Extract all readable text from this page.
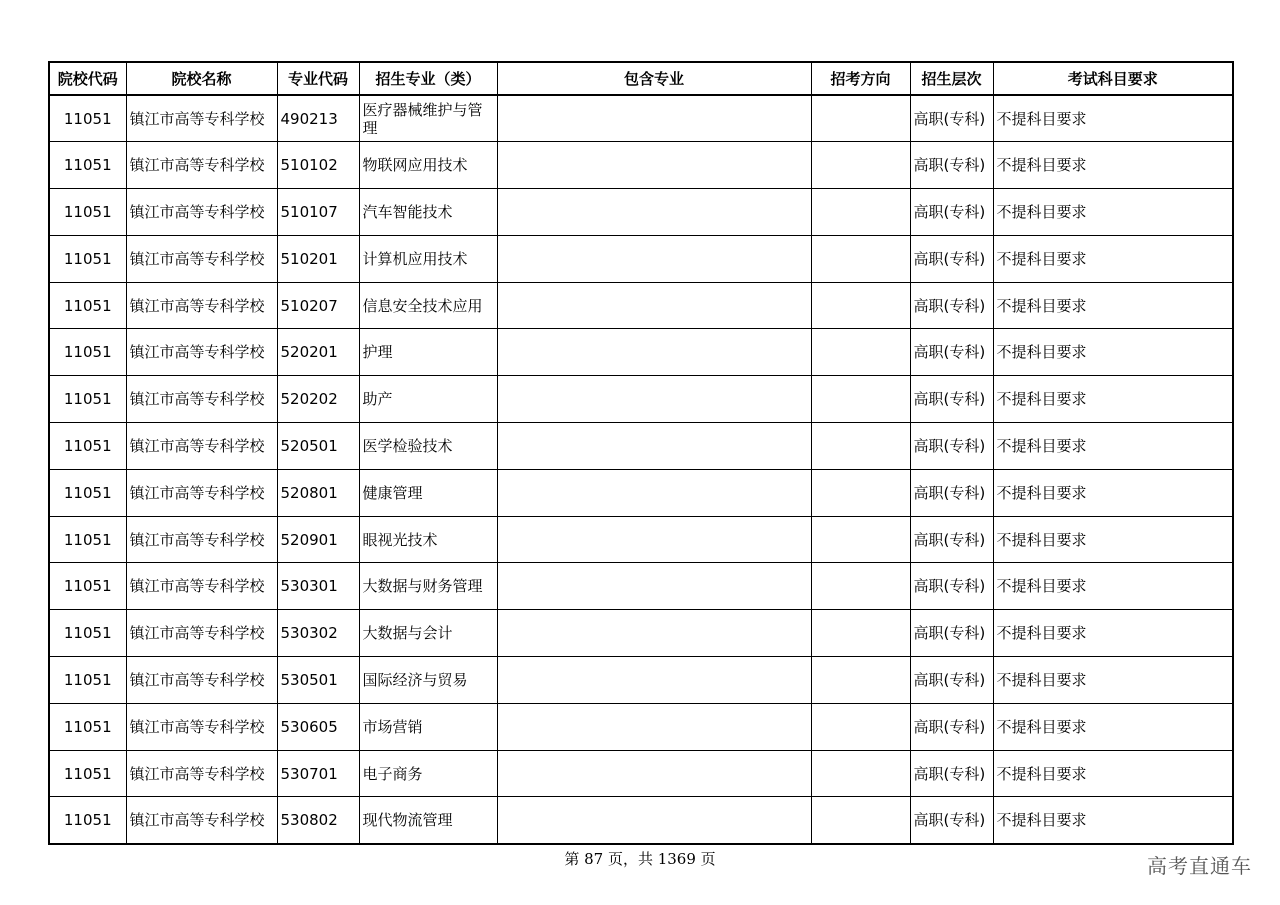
院校代码	院校名称	专业代码	招生专业（类）	包含专业	招考方向	招生层次	考试科目要求
11051	镇江市高等专科学校	490213	医疗器械维护与管理			高职(专科)	不提科目要求
11051	镇江市高等专科学校	510102	物联网应用技术			高职(专科)	不提科目要求
11051	镇江市高等专科学校	510107	汽车智能技术			高职(专科)	不提科目要求
11051	镇江市高等专科学校	510201	计算机应用技术			高职(专科)	不提科目要求
11051	镇江市高等专科学校	510207	信息安全技术应用			高职(专科)	不提科目要求
11051	镇江市高等专科学校	520201	护理			高职(专科)	不提科目要求
11051	镇江市高等专科学校	520202	助产			高职(专科)	不提科目要求
11051	镇江市高等专科学校	520501	医学检验技术			高职(专科)	不提科目要求
11051	镇江市高等专科学校	520801	健康管理			高职(专科)	不提科目要求
11051	镇江市高等专科学校	520901	眼视光技术			高职(专科)	不提科目要求
11051	镇江市高等专科学校	530301	大数据与财务管理			高职(专科)	不提科目要求
11051	镇江市高等专科学校	530302	大数据与会计			高职(专科)	不提科目要求
11051	镇江市高等专科学校	530501	国际经济与贸易			高职(专科)	不提科目要求
11051	镇江市高等专科学校	530605	市场营销			高职(专科)	不提科目要求
11051	镇江市高等专科学校	530701	电子商务			高职(专科)	不提科目要求
11051	镇江市高等专科学校	530802	现代物流管理			高职(专科)	不提科目要求
第 87 页，共 1369 页	高考直通车
